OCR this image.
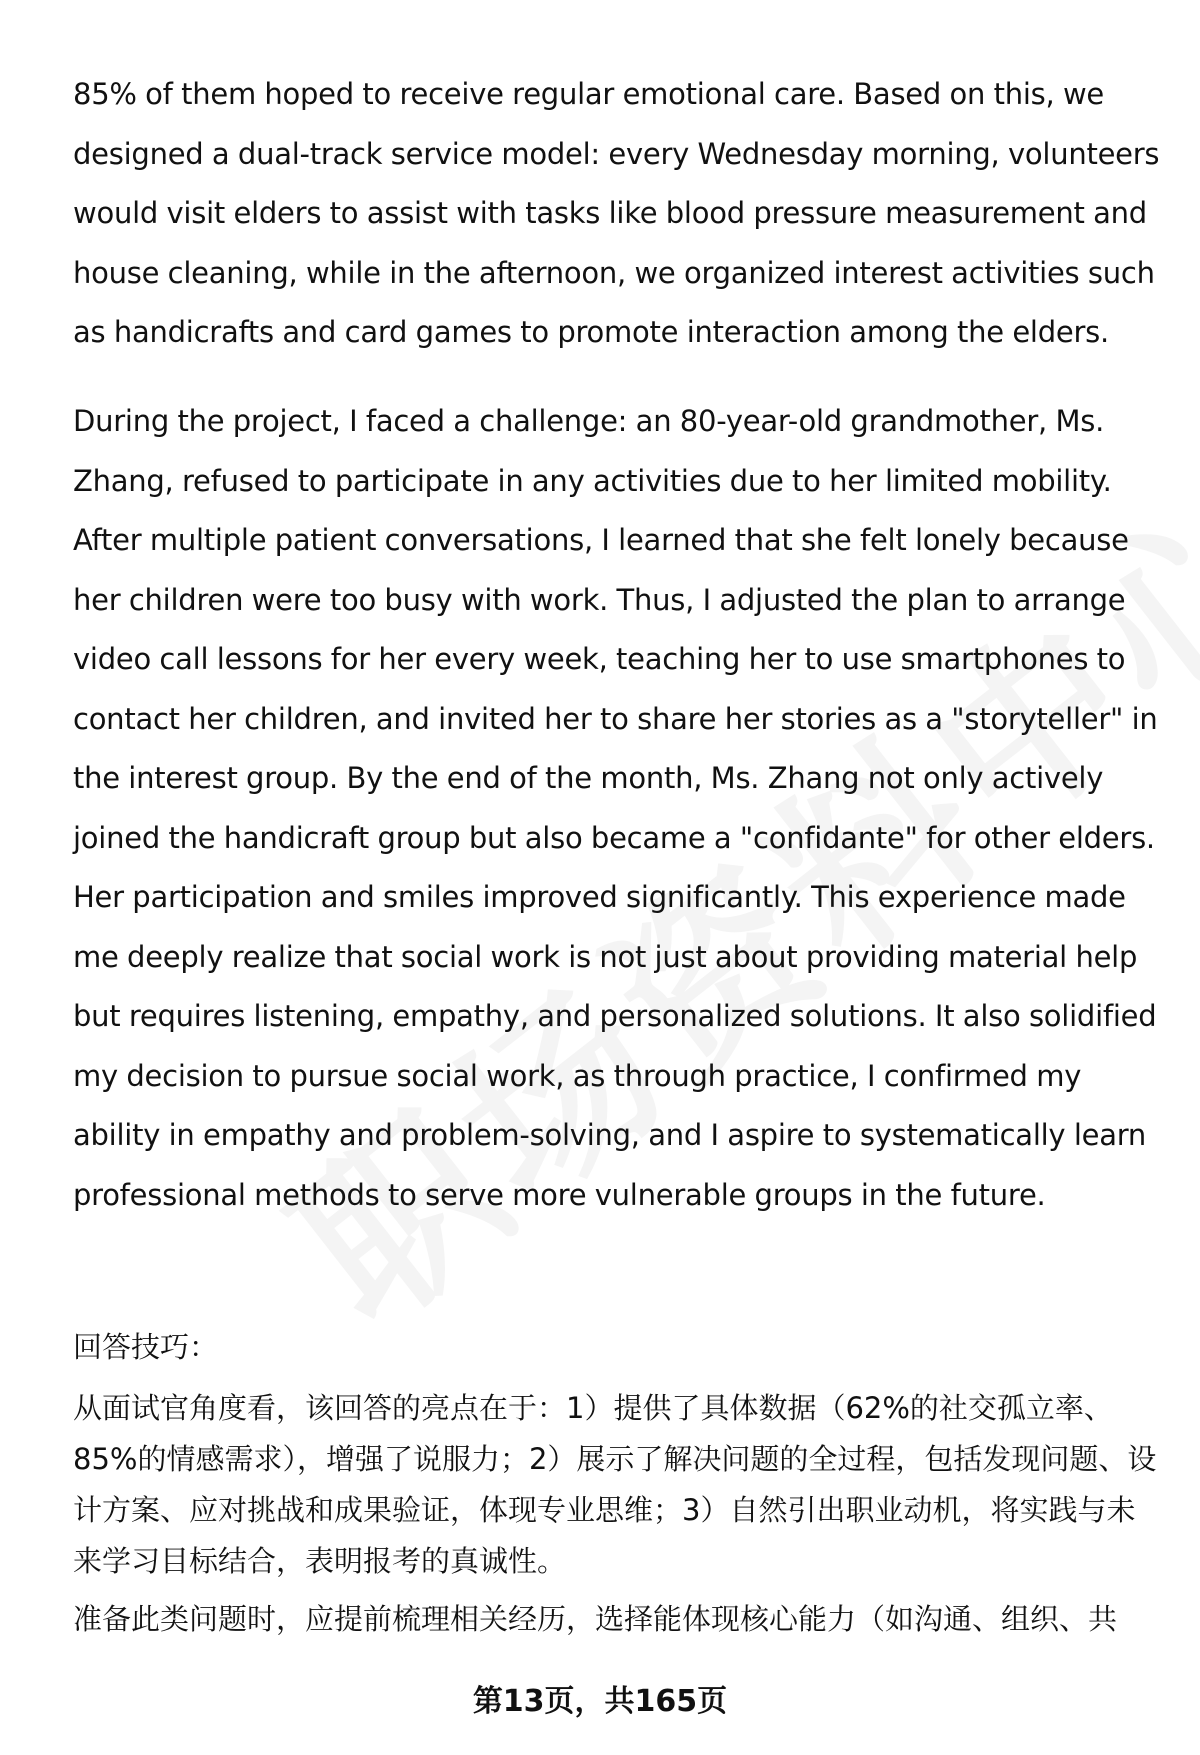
85% of them hoped to receive regular emotional care. Based on this, we designed a dual-track service model: every Wednesday morning, volunteers would visit elders to assist with tasks like blood pressure measurement and house cleaning, while in the afternoon, we organized interest activities such as handicrafts and card games to promote interaction among the elders.

During the project, I faced a challenge: an 80-year-old grandmother, Ms. Zhang, refused to participate in any activities due to her limited mobility. After multiple patient conversations, I learned that she felt lonely because her children were too busy with work. Thus, I adjusted the plan to arrange video call lessons for her every week, teaching her to use smartphones to contact her children, and invited her to share her stories as a "storyteller" in the interest group. By the end of the month, Ms. Zhang not only actively joined the handicraft group but also became a "confidante" for other elders. Her participation and smiles improved significantly. This experience made me deeply realize that social work is not just about providing material help but requires listening, empathy, and personalized solutions. It also solidified my decision to pursue social work, as through practice, I confirmed my ability in empathy and problem-solving, and I aspire to systematically learn professional methods to serve more vulnerable groups in the future.

回答技巧：

从面试官角度看，该回答的亮点在于：1）提供了具体数据（62%的社交孤立率、85%的情感需求），增强了说服力；2）展示了解决问题的全过程，包括发现问题、设计方案、应对挑战和成果验证，体现专业思维；3）自然引出职业动机，将实践与未来学习目标结合，表明报考的真诚性。

准备此类问题时，应提前梳理相关经历，选择能体现核心能力（如沟通、组织、共

第13页，共165页
